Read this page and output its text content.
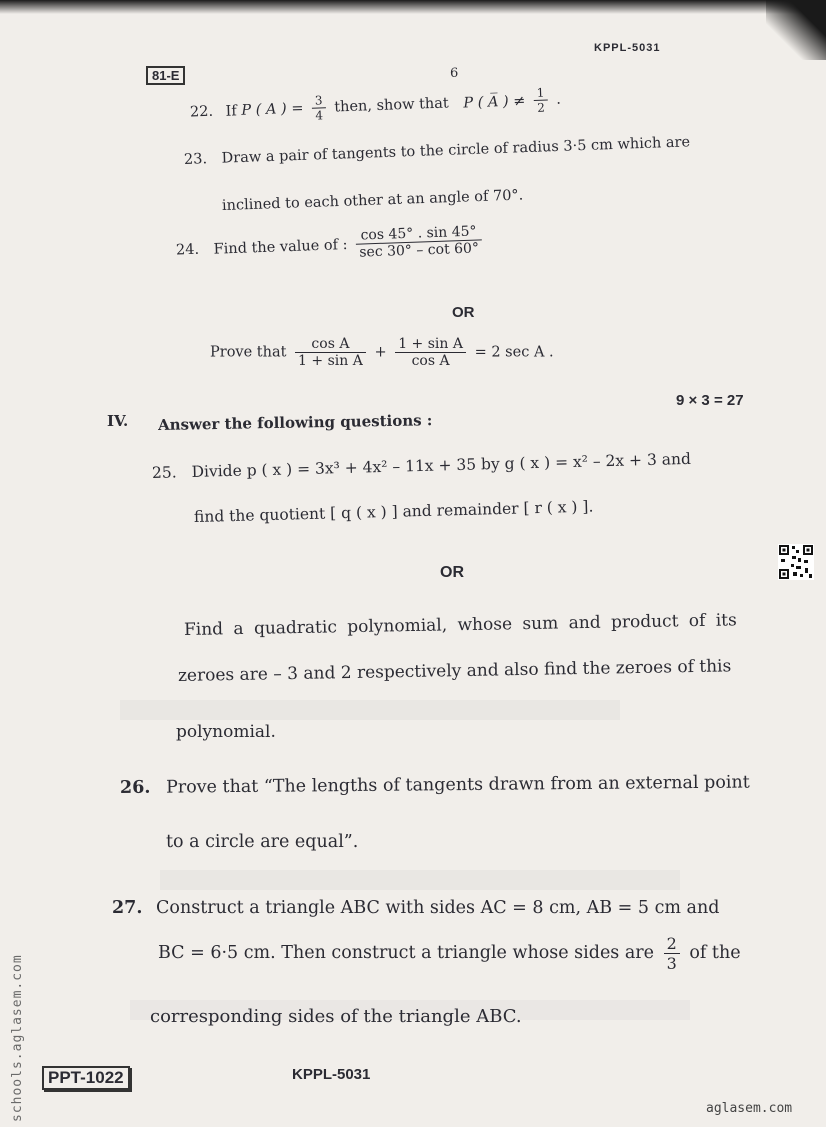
KPPL-5031
81-E	6
22. If P ( A ) = $\frac{3}{4}$ then, show that P ( A̅ ) ≠ $\frac{1}{2}$ .
23. Draw a pair of tangents to the circle of radius 3·5 cm which are
inclined to each other at an angle of 70°.
24. Find the value of : $\frac{\cos 45^\circ . \sin 45^\circ}{\sec 30^\circ - \cot 60^\circ}$
OR
Prove that $\frac{\text{cos A}}{\text{1 + sin A}} + \frac{\text{1 + sin A}}{\text{cos A}} = 2$ sec A .
9 × 3 = 27
IV. Answer the following questions :
25. Divide p ( x ) = 3x³ + 4x² – 11x + 35 by g ( x ) = x² – 2x + 3 and
find the quotient [ q ( x ) ] and remainder [ r ( x ) ].
OR
Find a quadratic polynomial, whose sum and product of its
zeroes are – 3 and 2 respectively and also find the zeroes of this
polynomial.
26. Prove that “The lengths of tangents drawn from an external point
to a circle are equal”.
27. Construct a triangle ABC with sides AC = 8 cm, AB = 5 cm and
BC = 6·5 cm. Then construct a triangle whose sides are $\frac{2}{3}$ of the
corresponding sides of the triangle ABC.
PPT-1022	KPPL-5031
schools.aglasem.com	aglasem.com
